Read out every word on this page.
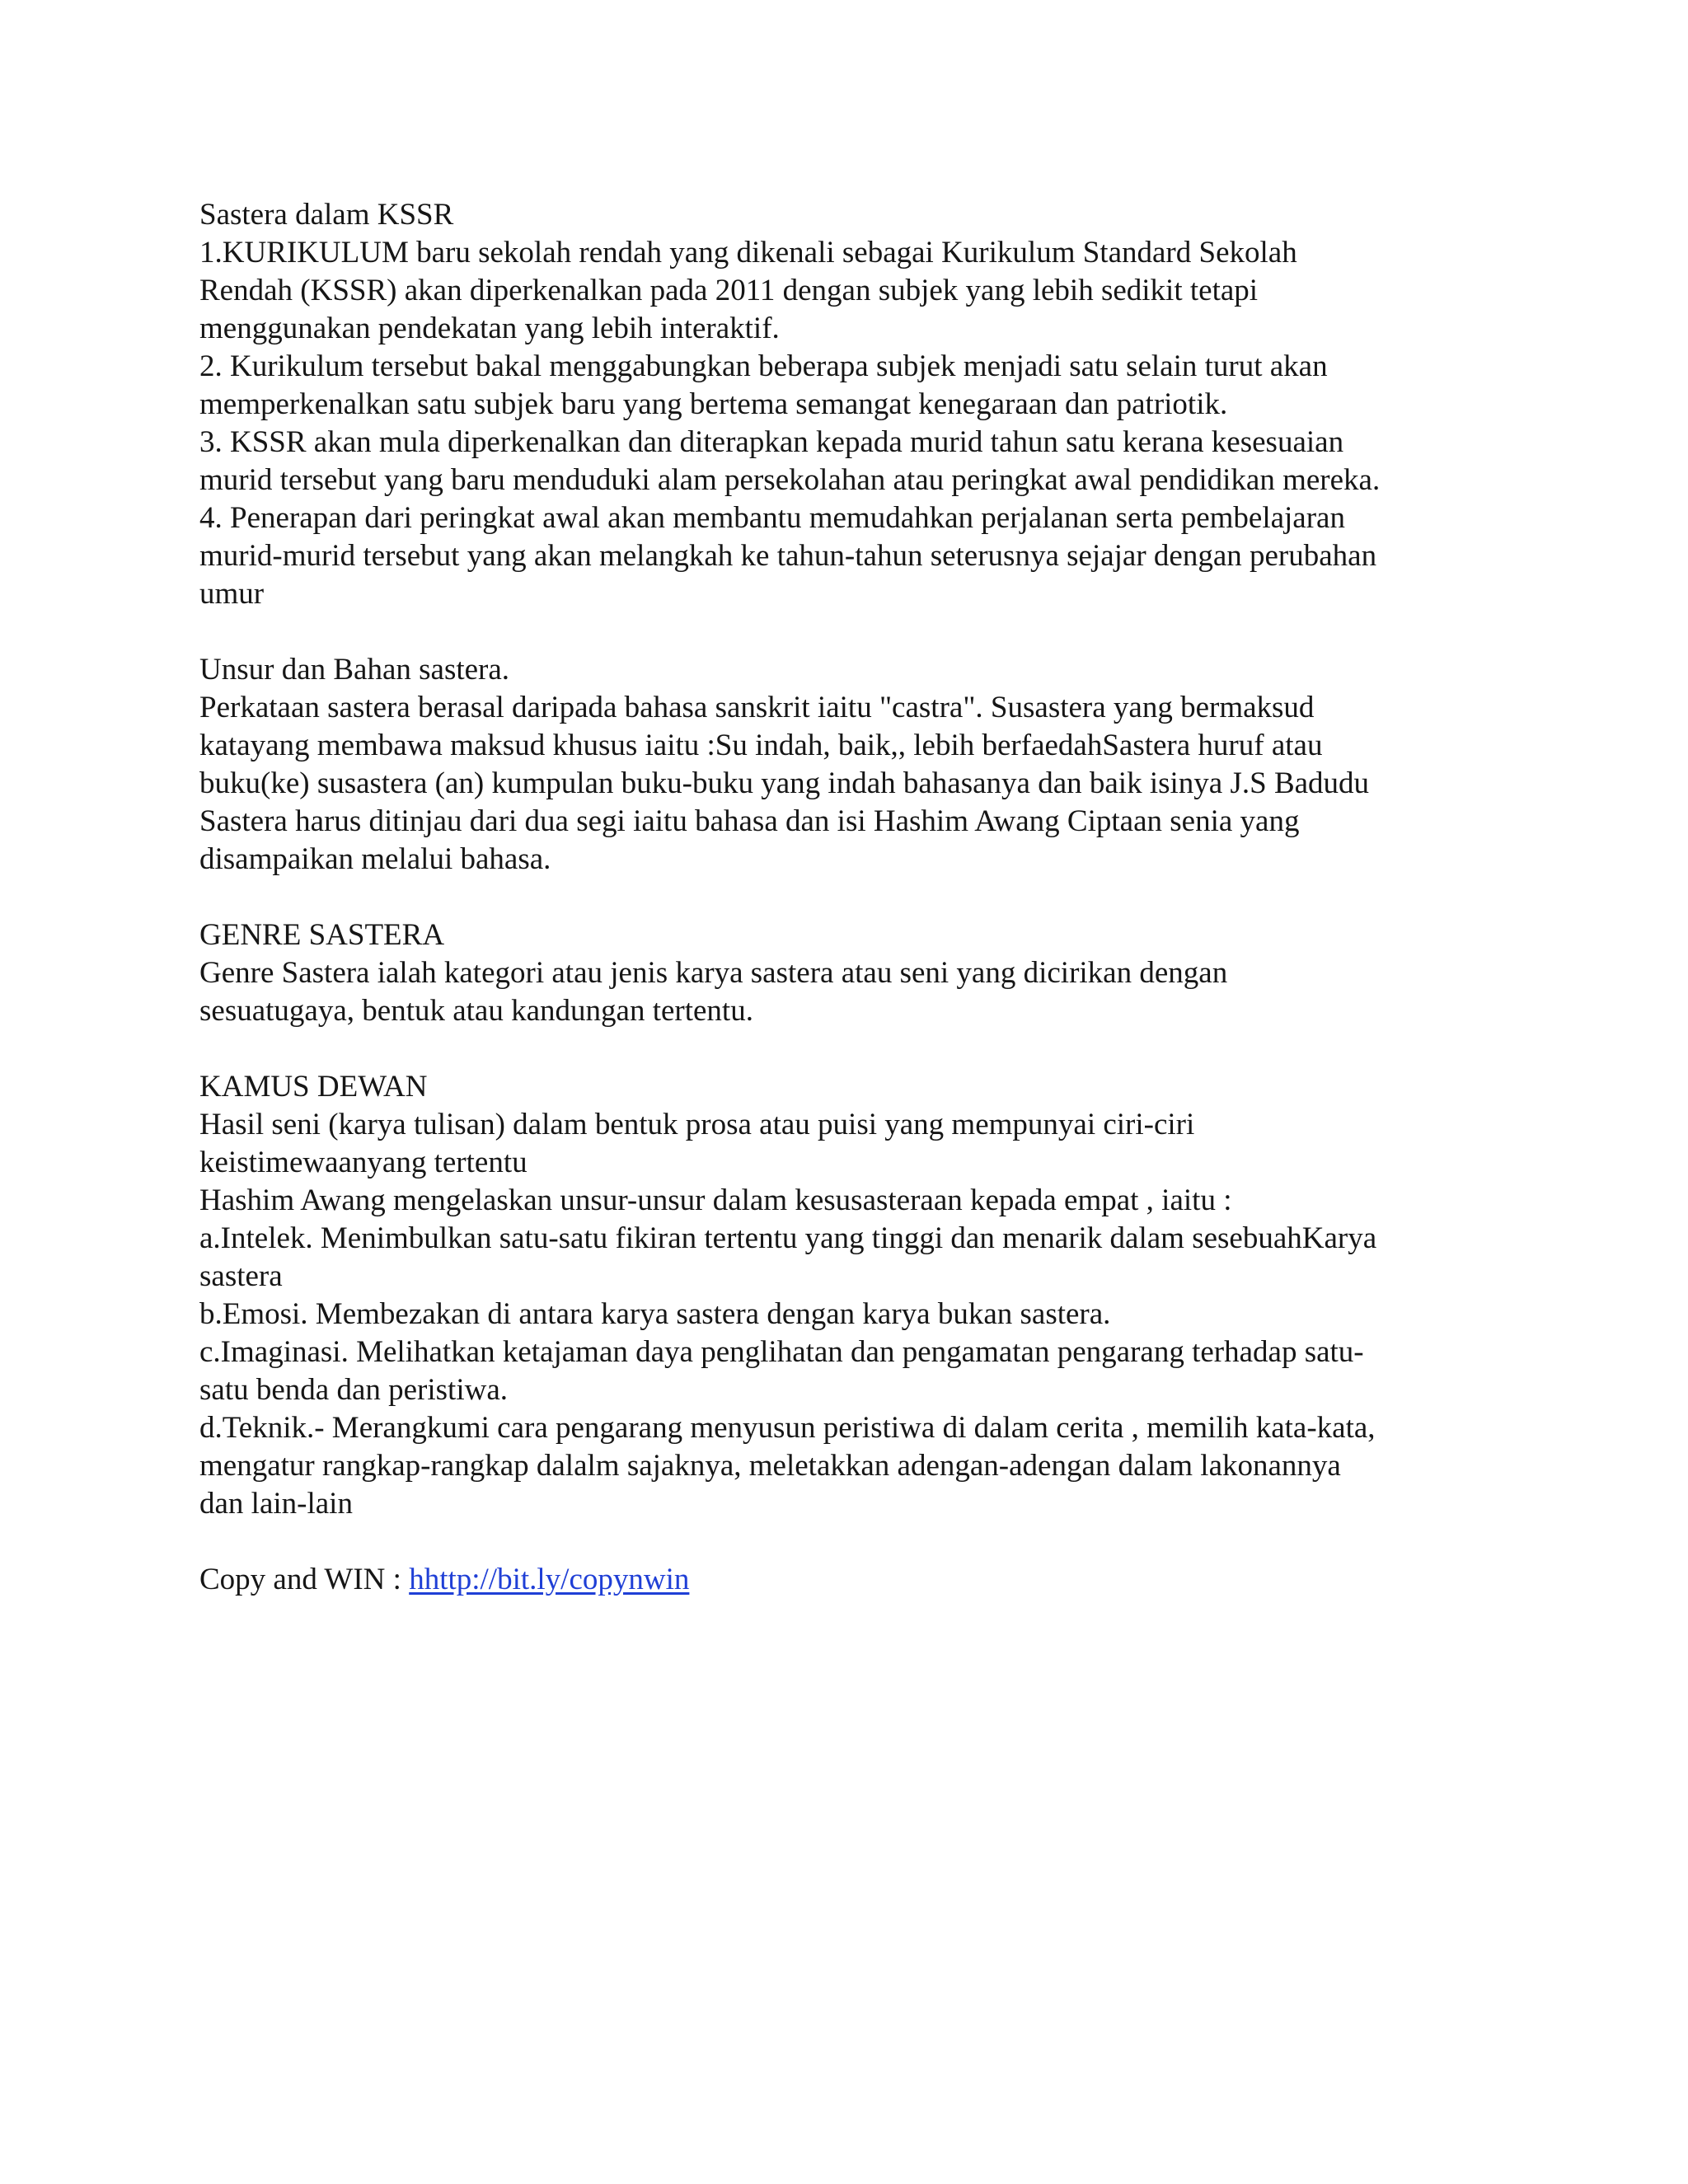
Sastera dalam KSSR

1.KURIKULUM baru sekolah rendah yang dikenali sebagai Kurikulum Standard Sekolah

Rendah (KSSR) akan diperkenalkan pada 2011 dengan subjek yang lebih sedikit tetapi

menggunakan pendekatan yang lebih interaktif.

2. Kurikulum tersebut bakal menggabungkan beberapa subjek menjadi satu selain turut akan

memperkenalkan satu subjek baru yang bertema semangat kenegaraan dan patriotik.

3. KSSR akan mula diperkenalkan dan diterapkan kepada murid tahun satu kerana kesesuaian

murid tersebut yang baru menduduki alam persekolahan atau peringkat awal pendidikan mereka.

4. Penerapan dari peringkat awal akan membantu memudahkan perjalanan serta pembelajaran

murid-murid tersebut yang akan melangkah ke tahun-tahun seterusnya sejajar dengan perubahan

umur

Unsur dan Bahan sastera.

Perkataan sastera berasal daripada bahasa sanskrit iaitu "castra". Susastera yang bermaksud

katayang membawa maksud khusus iaitu :Su indah, baik,, lebih berfaedahSastera huruf atau

buku(ke) susastera (an) kumpulan buku-buku yang indah bahasanya dan baik isinya J.S Badudu

Sastera harus ditinjau dari dua segi iaitu bahasa dan isi Hashim Awang Ciptaan senia yang

disampaikan melalui bahasa.

GENRE SASTERA

Genre Sastera ialah kategori atau jenis karya sastera atau seni yang dicirikan dengan

sesuatugaya, bentuk atau kandungan tertentu.

KAMUS DEWAN

Hasil seni (karya tulisan) dalam bentuk prosa atau puisi yang mempunyai ciri-ciri

keistimewaanyang tertentu

Hashim Awang mengelaskan unsur-unsur dalam kesusasteraan kepada empat , iaitu :

a.Intelek. Menimbulkan satu-satu fikiran tertentu yang tinggi dan menarik dalam sesebuahKarya

sastera

b.Emosi. Membezakan di antara karya sastera dengan karya bukan sastera.

c.Imaginasi. Melihatkan ketajaman daya penglihatan dan pengamatan pengarang terhadap satu-

satu benda dan peristiwa.

d.Teknik.- Merangkumi cara pengarang menyusun peristiwa di dalam cerita , memilih kata-kata,

mengatur rangkap-rangkap dalalm sajaknya, meletakkan adengan-adengan dalam lakonannya

dan lain-lain

Copy and WIN : hhttp://bit.ly/copynwin
